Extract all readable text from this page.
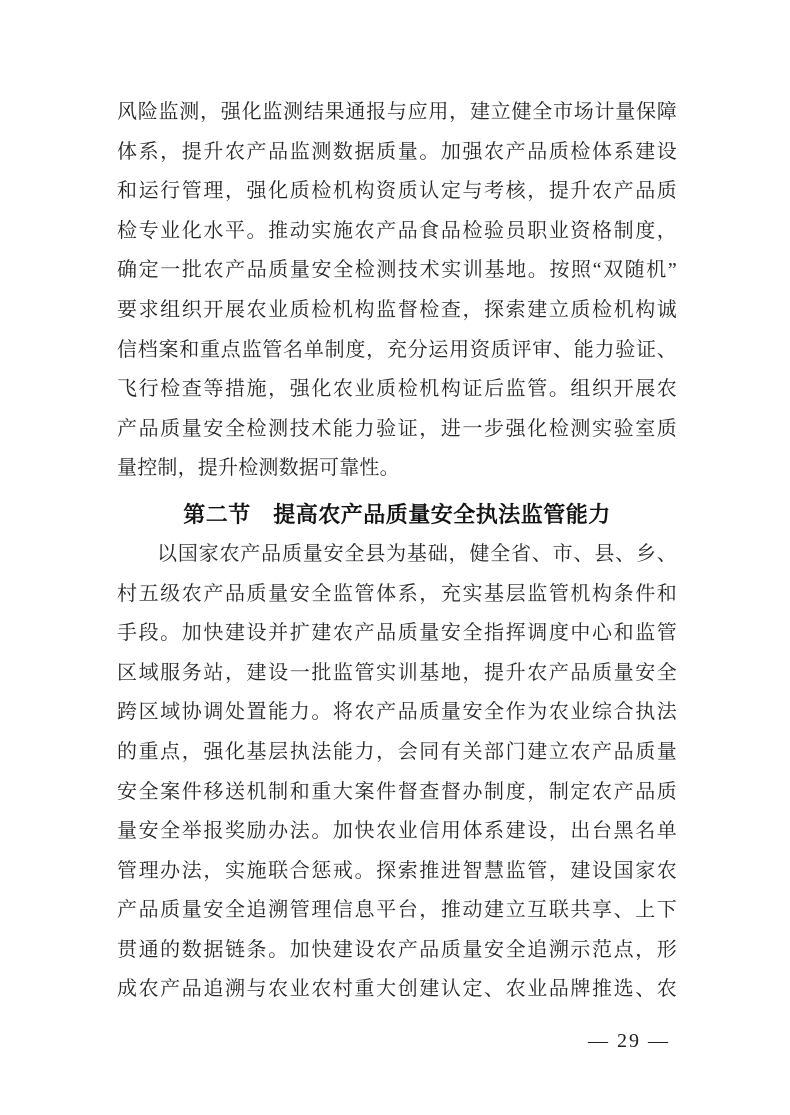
风险监测，强化监测结果通报与应用，建立健全市场计量保障
体系，提升农产品监测数据质量。加强农产品质检体系建设
和运行管理，强化质检机构资质认定与考核，提升农产品质
检专业化水平。推动实施农产品食品检验员职业资格制度，
确定一批农产品质量安全检测技术实训基地。按照“双随机”
要求组织开展农业质检机构监督检查，探索建立质检机构诚
信档案和重点监管名单制度，充分运用资质评审、能力验证、
飞行检查等措施，强化农业质检机构证后监管。组织开展农
产品质量安全检测技术能力验证，进一步强化检测实验室质
量控制，提升检测数据可靠性。
第二节　提高农产品质量安全执法监管能力
以国家农产品质量安全县为基础，健全省、市、县、乡、
村五级农产品质量安全监管体系，充实基层监管机构条件和
手段。加快建设并扩建农产品质量安全指挥调度中心和监管
区域服务站，建设一批监管实训基地，提升农产品质量安全
跨区域协调处置能力。将农产品质量安全作为农业综合执法
的重点，强化基层执法能力，会同有关部门建立农产品质量
安全案件移送机制和重大案件督查督办制度，制定农产品质
量安全举报奖励办法。加快农业信用体系建设，出台黑名单
管理办法，实施联合惩戒。探索推进智慧监管，建设国家农
产品质量安全追溯管理信息平台，推动建立互联共享、上下
贯通的数据链条。加快建设农产品质量安全追溯示范点，形
成农产品追溯与农业农村重大创建认定、农业品牌推选、农
— 29 —
